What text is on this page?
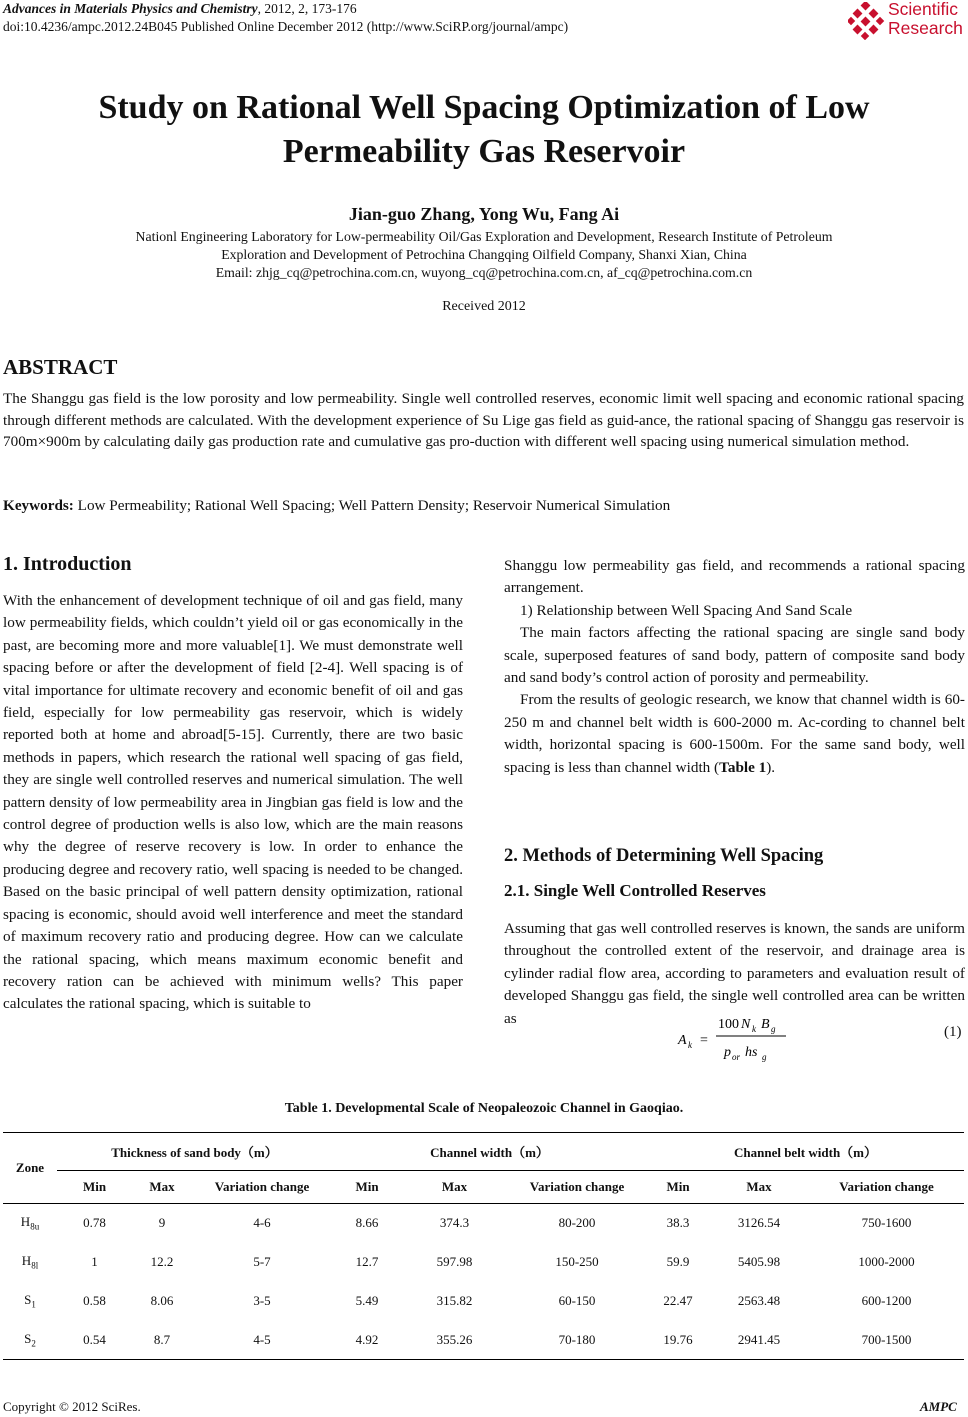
Advances in Materials Physics and Chemistry, 2012, 2, 173-176
doi:10.4236/ampc.2012.24B045 Published Online December 2012 (http://www.SciRP.org/journal/ampc)
Scientific
Research
Study on Rational Well Spacing Optimization of Low
Permeability Gas Reservoir
Jian-guo Zhang, Yong Wu, Fang Ai
Nationl Engineering Laboratory for Low-permeability Oil/Gas Exploration and Development, Research Institute of Petroleum
Exploration and Development of Petrochina Changqing Oilfield Company, Shanxi Xian, China
Email: zhjg_cq@petrochina.com.cn, wuyong_cq@petrochina.com.cn, af_cq@petrochina.com.cn
Received 2012
ABSTRACT
The Shanggu gas field is the low porosity and low permeability. Single well controlled reserves, economic limit well spacing and economic rational spacing through different methods are calculated. With the development experience of Su Lige gas field as guid-ance, the rational spacing of Shanggu gas reservoir is 700m×900m by calculating daily gas production rate and cumulative gas pro-duction with different well spacing using numerical simulation method.
Keywords: Low Permeability; Rational Well Spacing; Well Pattern Density; Reservoir Numerical Simulation
1. Introduction

With the enhancement of development technique of oil and gas field, many low permeability fields, which couldn’t yield oil or gas economically in the past, are becoming more and more valuable[1]. We must demonstrate well spacing before or after the development of field [2-4]. Well spacing is of vital importance for ultimate recovery and economic benefit of oil and gas field, especially for low permeability gas reservoir, which is widely reported both at home and abroad[5-15]. Currently, there are two basic methods in papers, which research the rational well spacing of gas field, they are single well controlled reserves and numerical simulation. The well pattern density of low permeability area in Jingbian gas field is low and the control degree of production wells is also low, which are the main reasons why the degree of reserve recovery is low. In order to enhance the producing degree and recovery ratio, well spacing is needed to be changed. Based on the basic principal of well pattern density optimization, rational spacing is economic, should avoid well interference and meet the standard of maximum recovery ratio and producing degree. How can we calculate the rational spacing, which means maximum economic benefit and recovery ration can be achieved with minimum wells? This paper calculates the rational spacing, which is suitable to

Shanggu low permeability gas field, and recommends a rational spacing arrangement.

1) Relationship between Well Spacing And Sand Scale

The main factors affecting the rational spacing are single sand body scale, superposed features of sand body, pattern of composite sand body and sand body’s control action of porosity and permeability.

From the results of geologic research, we know that channel width is 60-250 m and channel belt width is 600-2000 m. Ac-cording to channel belt width, horizontal spacing is 600-1500m. For the same sand body, well spacing is less than channel width (Table 1).

2. Methods of Determining Well Spacing
2.1. Single Well Controlled Reserves

Assuming that gas well controlled reserves is known, the sands are uniform throughout the controlled extent of the reservoir, and drainage area is cylinder radial flow area, according to parameters and evaluation result of developed Shanggu gas field, the single well controlled area can be written as

A k =
100 N k B g
p or hs g
(1)
Table 1. Developmental Scale of Neopaleozoic Channel in Gaoqiao.
Zone	Thickness of sand body（m）			Channel width（m）			Channel belt width（m）		
	Min	Max	Variation change	Min	Max	Variation change	Min	Max	Variation change
$H_{8u}$	0.78	9	4-6	8.66	374.3	80-200	38.3	3126.54	750-1600
$H_{8l}$	1	12.2	5-7	12.7	597.98	150-250	59.9	5405.98	1000-2000
$S_1$	0.58	8.06	3-5	5.49	315.82	60-150	22.47	2563.48	600-1200
$S_2$	0.54	8.7	4-5	4.92	355.26	70-180	19.76	2941.45	700-1500
Copyright © 2012 SciRes.	AMPC
